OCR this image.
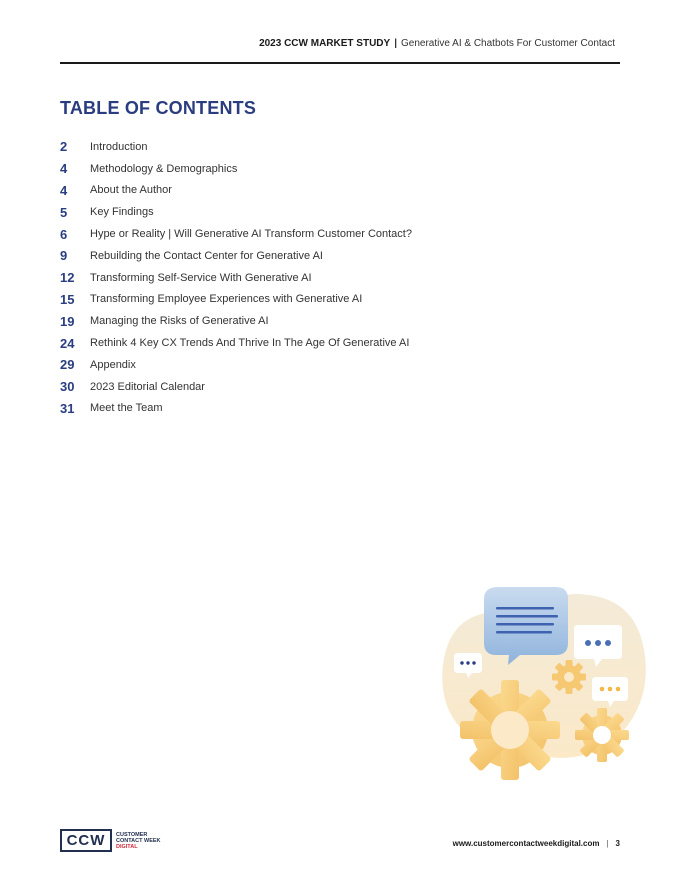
2023 CCW MARKET STUDY | Generative AI & Chatbots For Customer Contact
TABLE OF CONTENTS
2	Introduction
4	Methodology & Demographics
4	About the Author
5	Key Findings
6	Hype or Reality | Will Generative AI Transform Customer Contact?
9	Rebuilding the Contact Center for Generative AI
12	Transforming Self-Service With Generative AI
15	Transforming Employee Experiences with Generative AI
19	Managing the Risks of Generative AI
24	Rethink 4 Key CX Trends And Thrive In The Age Of Generative AI
29	Appendix
30	2023 Editorial Calendar
31	Meet the Team
CCW	CUSTOMER
CONTACT WEEK
DIGITAL	www.customercontactweekdigital.com | 3
